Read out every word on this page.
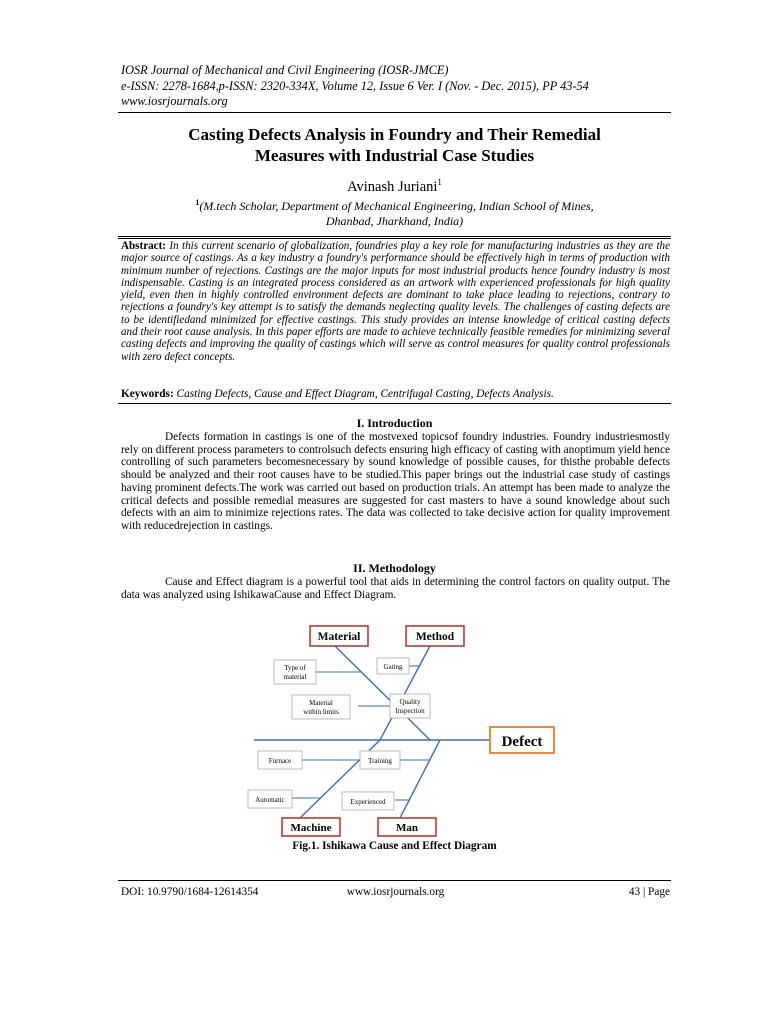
IOSR Journal of Mechanical and Civil Engineering (IOSR-JMCE)
e-ISSN: 2278-1684,p-ISSN: 2320-334X, Volume 12, Issue 6 Ver. I (Nov. - Dec. 2015), PP 43-54
www.iosrjournals.org
Casting Defects Analysis in Foundry and Their Remedial
Measures with Industrial Case Studies
Avinash Juriani$^1$
$^1$(M.tech Scholar, Department of Mechanical Engineering, Indian School of Mines,
Dhanbad, Jharkhand, India)
Abstract: In this current scenario of globalization, foundries play a key role for manufacturing industries as they are the major source of castings. As a key industry a foundry's performance should be effectively high in terms of production with minimum number of rejections. Castings are the major inputs for most industrial products hence foundry industry is most indispensable. Casting is an integrated process considered as an artwork with experienced professionals for high quality yield, even then in highly controlled environment defects are dominant to take place leading to rejections, contrary to rejections a foundry's key attempt is to satisfy the demands neglecting quality levels. The challenges of casting defects are to be identifiedand minimized for effective castings. This study provides an intense knowledge of critical casting defects and their root cause analysis. In this paper efforts are made to achieve technically feasible remedies for minimizing several casting defects and improving the quality of castings which will serve as control measures for quality control professionals with zero defect concepts.
Keywords: Casting Defects, Cause and Effect Diagram, Centrifugal Casting, Defects Analysis.
I. Introduction
Defects formation in castings is one of the mostvexed topicsof foundry industries. Foundry industriesmostly rely on different process parameters to controlsuch defects ensuring high efficacy of casting with anoptimum yield hence controlling of such parameters becomesnecessary by sound knowledge of possible causes, for thisthe probable defects should be analyzed and their root causes have to be studied.This paper brings out the industrial case study of castings having prominent defects.The work was carried out based on production trials. An attempt has been made to analyze the critical defects and possible remedial measures are suggested for cast masters to have a sound knowledge about such defects with an aim to minimize rejections rates. The data was collected to take decisive action for quality improvement with reducedrejection in castings.
II. Methodology
Cause and Effect diagram is a powerful tool that aids in determining the control factors on quality output. The data was analyzed using IshikawaCause and Effect Diagram.
Material	Method
Machine	Man
Defect
Type of
material
Material
within limits
Gating
Quality
Inspection
Furnace	Training
Automatic	Experienced
Fig.1. Ishikawa Cause and Effect Diagram
DOI: 10.9790/1684-12614354	www.iosrjournals.org	43 | Page
